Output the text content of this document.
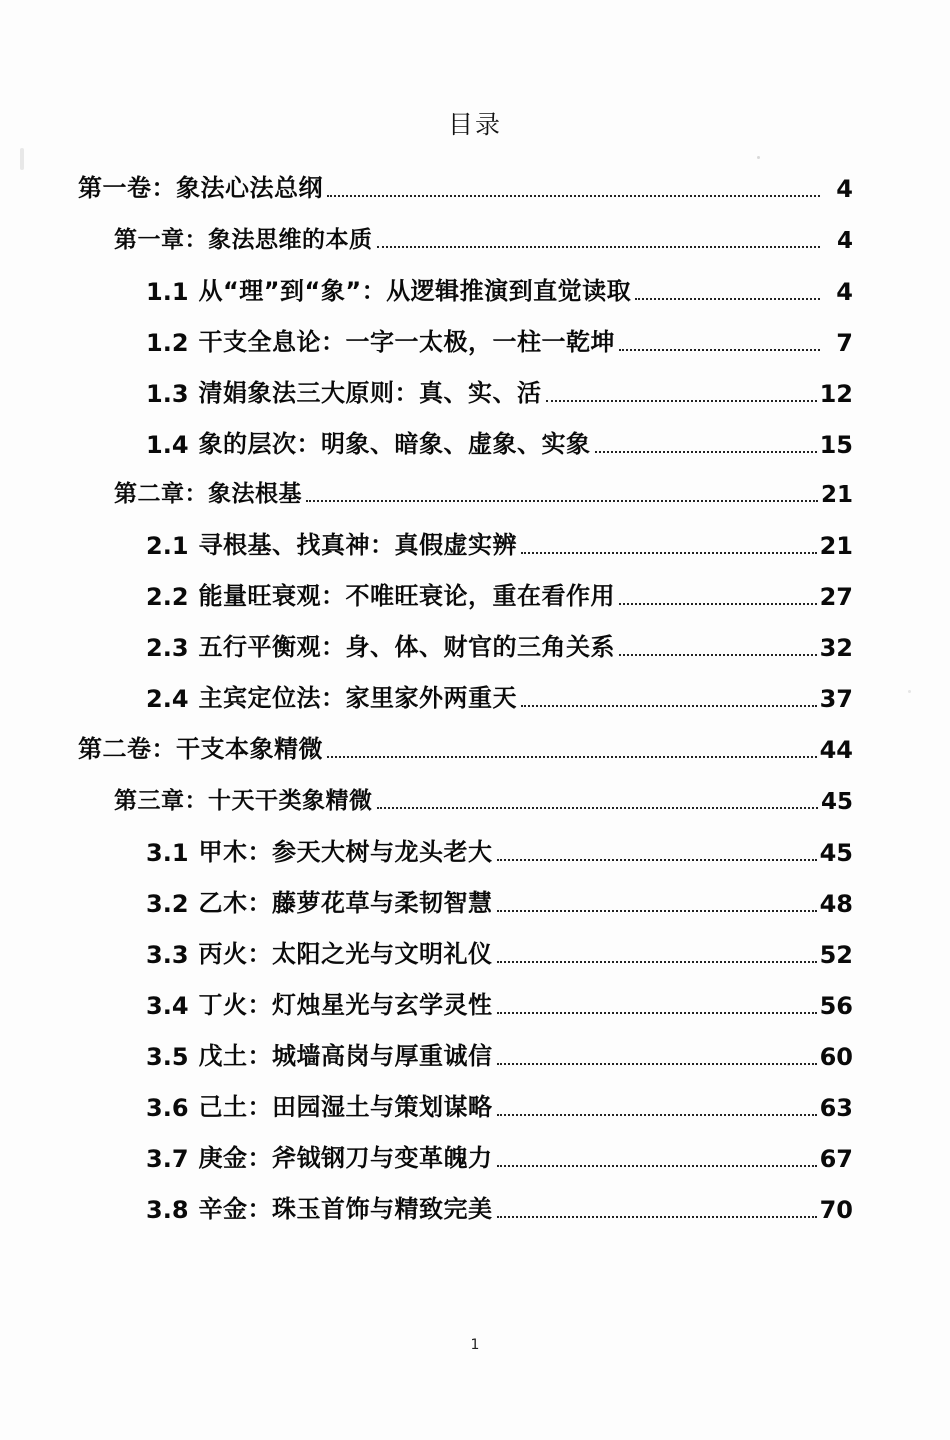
目录
第一卷：象法心法总纲	4
第一章：象法思维的本质	4
1.1 从“理”到“象”：从逻辑推演到直觉读取	4
1.2 干支全息论：一字一太极，一柱一乾坤	7
1.3 清娟象法三大原则：真、实、活	12
1.4 象的层次：明象、暗象、虚象、实象	15
第二章：象法根基	21
2.1 寻根基、找真神：真假虚实辨	21
2.2 能量旺衰观：不唯旺衰论，重在看作用	27
2.3 五行平衡观：身、体、财官的三角关系	32
2.4 主宾定位法：家里家外两重天	37
第二卷：干支本象精微	44
第三章：十天干类象精微	45
3.1 甲木：参天大树与龙头老大	45
3.2 乙木：藤萝花草与柔韧智慧	48
3.3 丙火：太阳之光与文明礼仪	52
3.4 丁火：灯烛星光与玄学灵性	56
3.5 戊土：城墙高岗与厚重诚信	60
3.6 己土：田园湿土与策划谋略	63
3.7 庚金：斧钺钢刀与变革魄力	67
3.8 辛金：珠玉首饰与精致完美	70
1
